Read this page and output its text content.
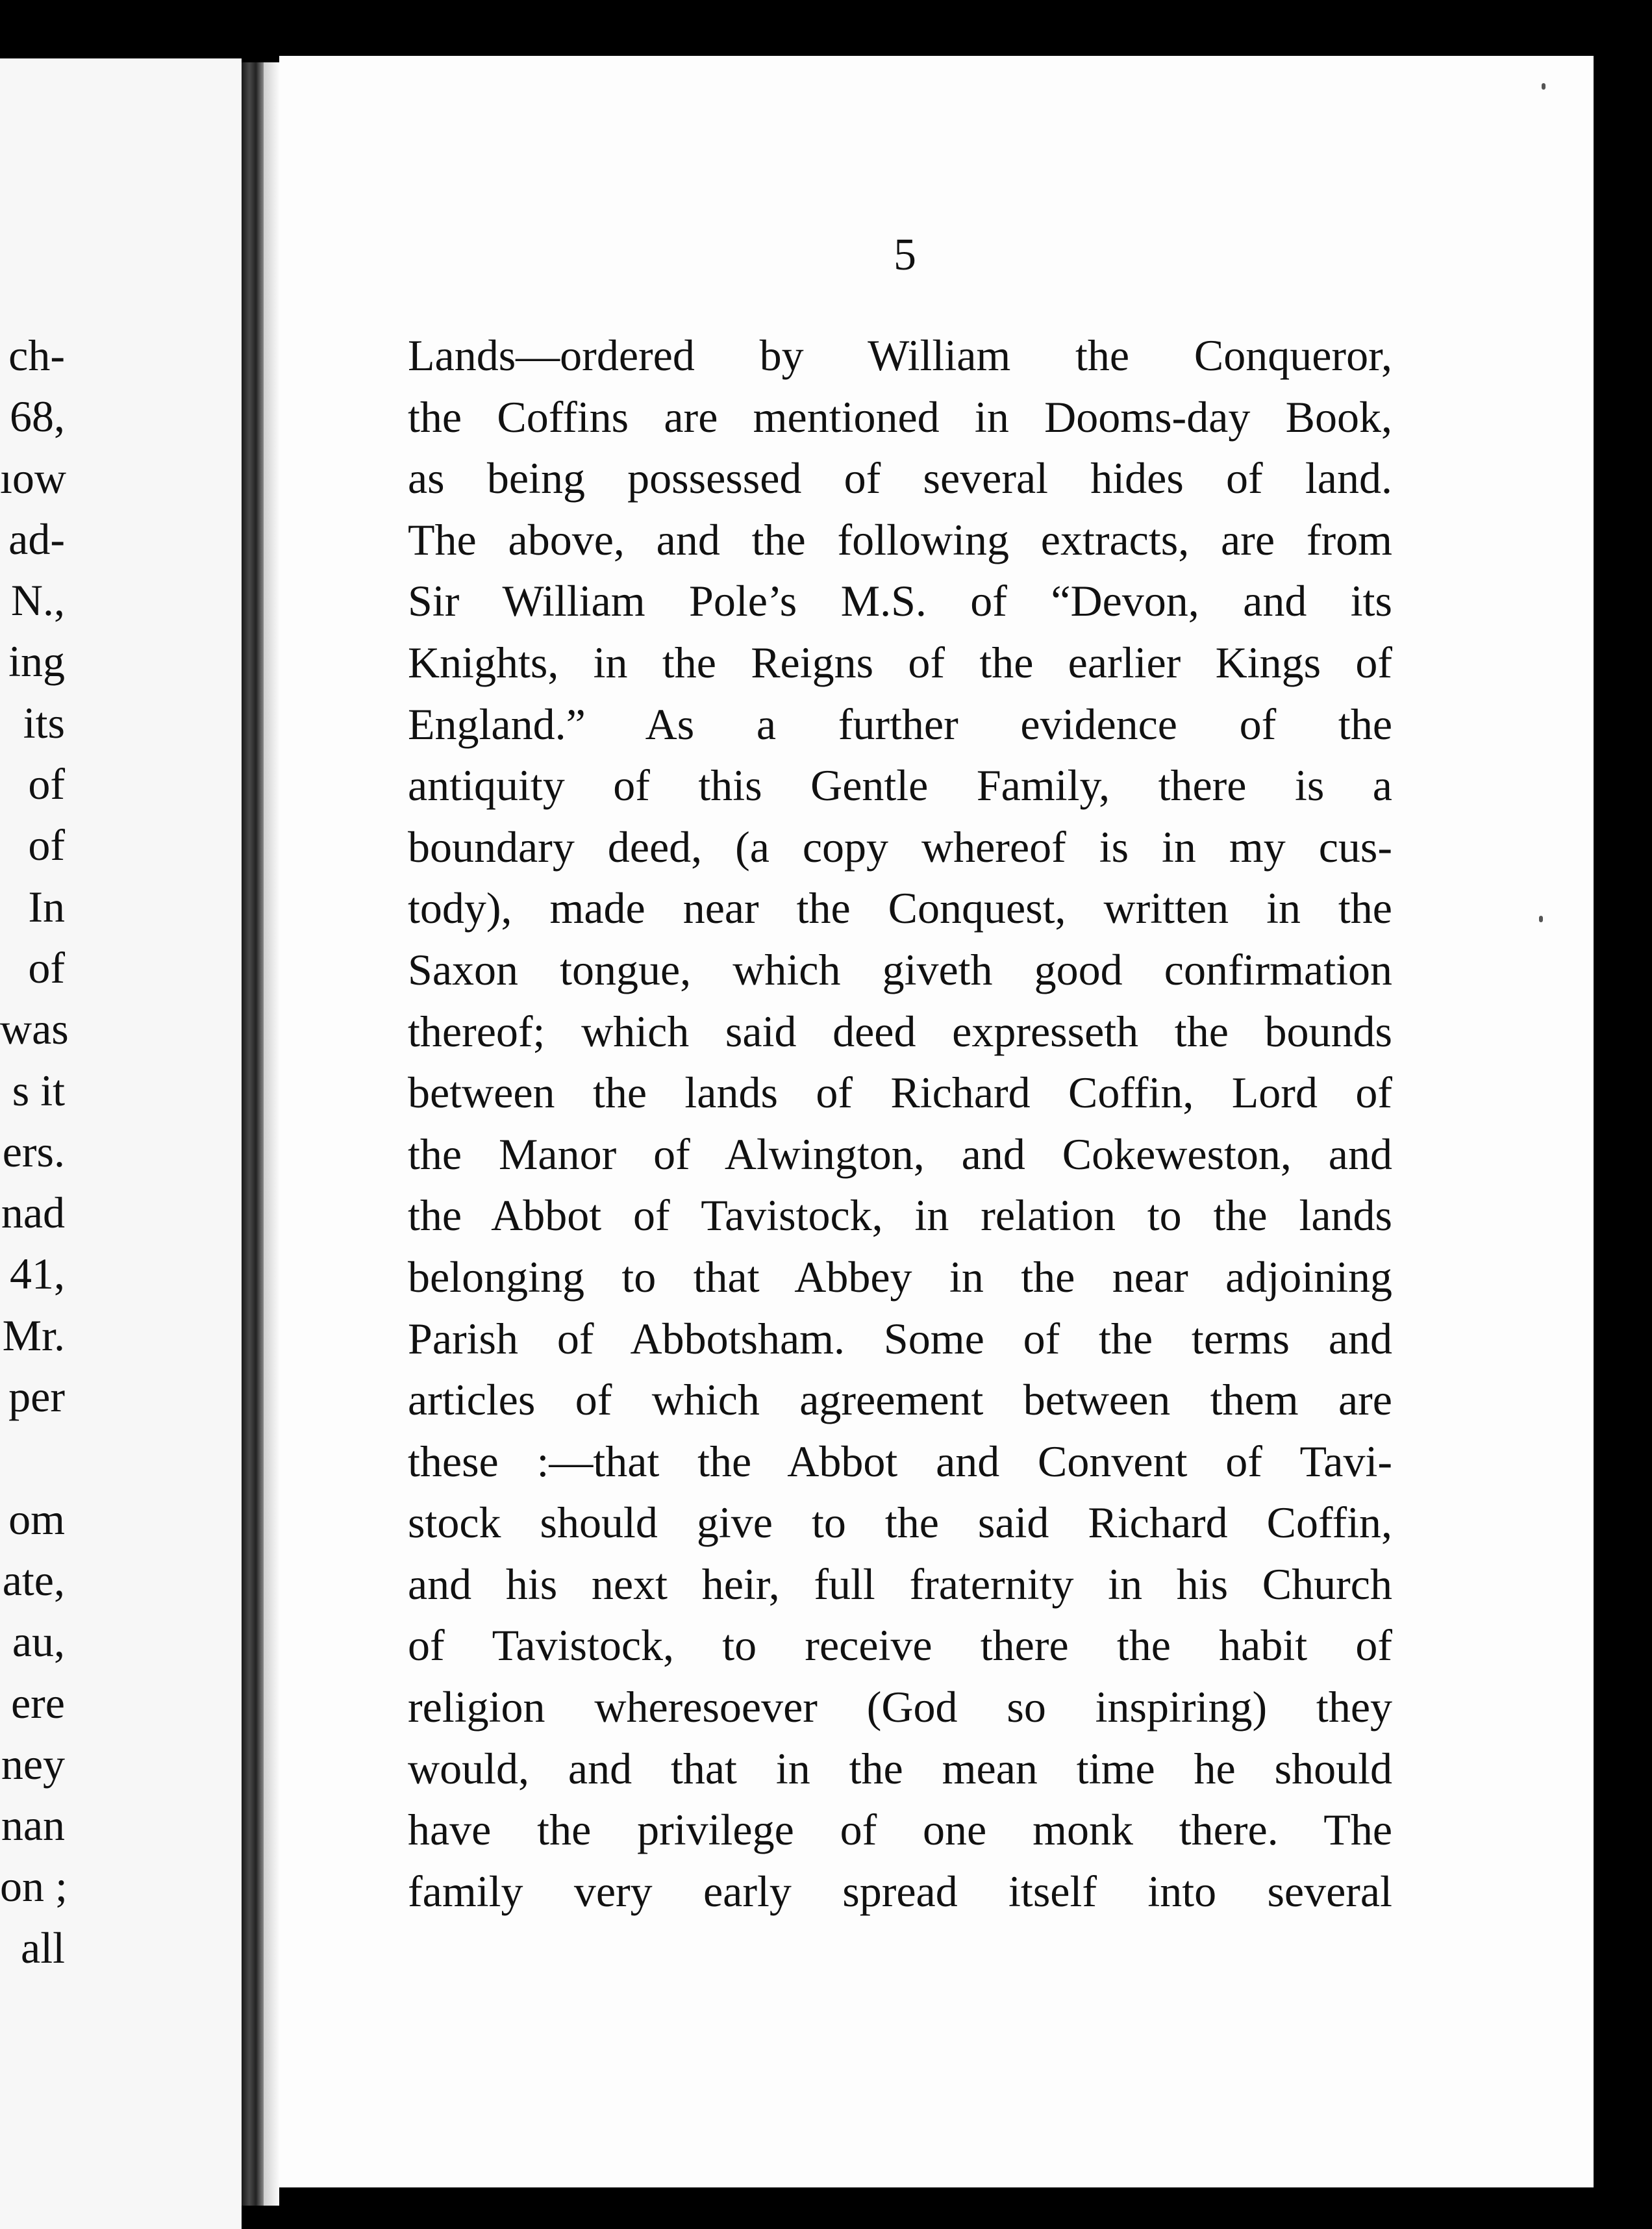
ch-
68,
ıow
ad-
N.,
ing
its
of
of
In
of
was
s it
ers.
nad
41,
Mr.
per
om
ate,
au,
ere
ney
nan
on ;
all
5
Lands—ordered by William the Conqueror,
the Coffins are mentioned in Dooms-day Book,
as being possessed of several hides of land.
The above, and the following extracts, are from
Sir William Pole’s M.S. of “Devon, and its
Knights, in the Reigns of the earlier Kings of
England.” As a further evidence of the
antiquity of this Gentle Family, there is a
boundary deed, (a copy whereof is in my cus-
tody), made near the Conquest, written in the
Saxon tongue, which giveth good confirmation
thereof; which said deed expresseth the bounds
between the lands of Richard Coffin, Lord of
the Manor of Alwington, and Cokeweston, and
the Abbot of Tavistock, in relation to the lands
belonging to that Abbey in the near adjoining
Parish of Abbotsham. Some of the terms and
articles of which agreement between them are
these :—that the Abbot and Convent of Tavi-
stock should give to the said Richard Coffin,
and his next heir, full fraternity in his Church
of Tavistock, to receive there the habit of
religion wheresoever (God so inspiring) they
would, and that in the mean time he should
have the privilege of one monk there. The
family very early spread itself into several
